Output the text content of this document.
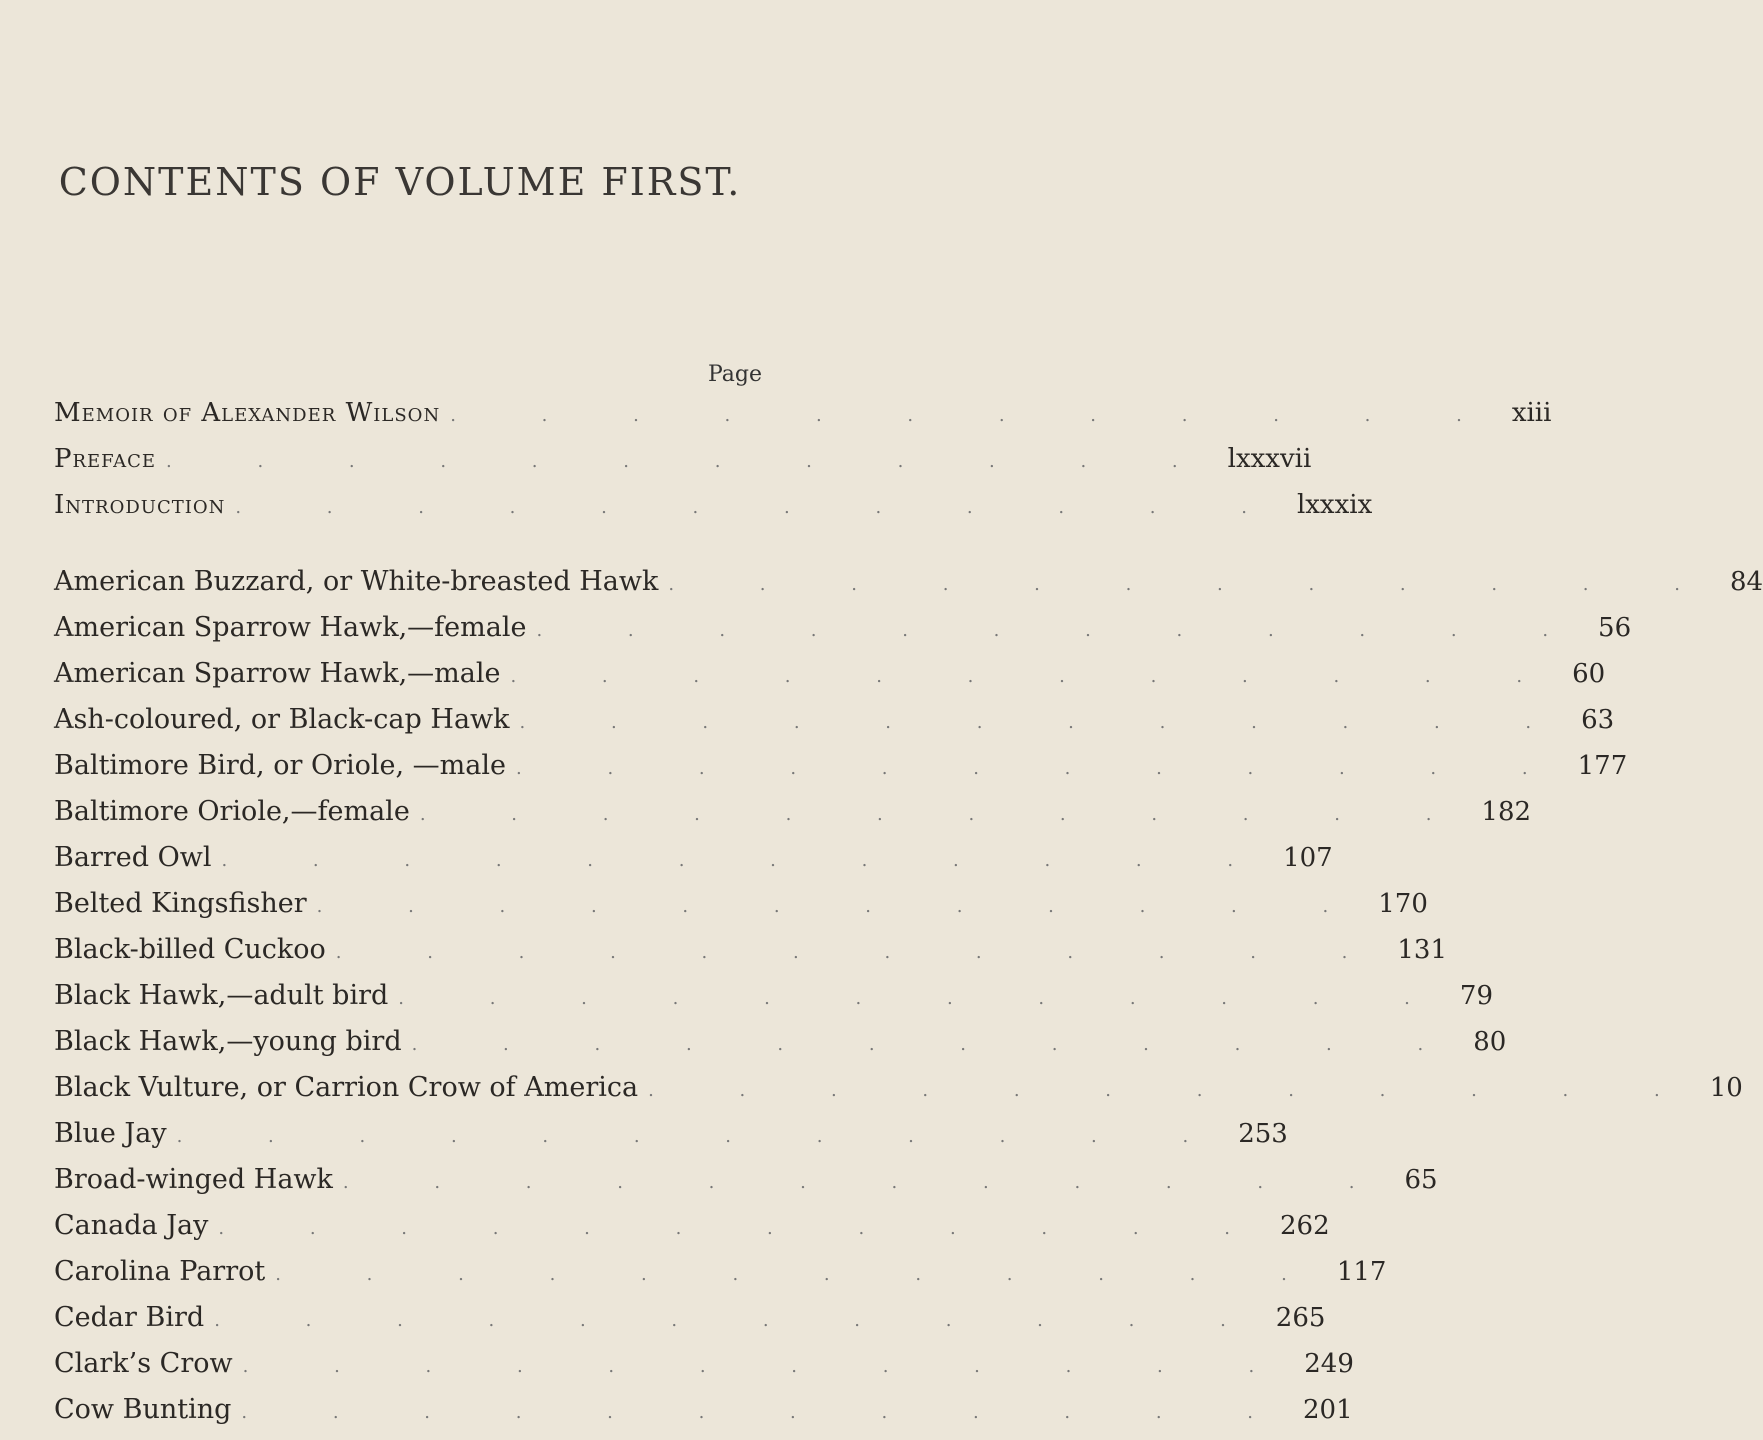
CONTENTS OF VOLUME FIRST.
Page
Memoir of Alexander Wilson . . . . . . . . . . . . xiii
Preface . . . . . . . . . . . . lxxxvii
Introduction . . . . . . . . . . . . lxxxix
American Buzzard, or White-breasted Hawk . . . . . . . . . . . . 84
American Sparrow Hawk,—female . . . . . . . . . . . . 56
American Sparrow Hawk,—male . . . . . . . . . . . . 60
Ash-coloured, or Black-cap Hawk . . . . . . . . . . . . 63
Baltimore Bird, or Oriole, —male . . . . . . . . . . . . 177
Baltimore Oriole,—female . . . . . . . . . . . . 182
Barred Owl . . . . . . . . . . . . 107
Belted Kingsfisher . . . . . . . . . . . . 170
Black-billed Cuckoo . . . . . . . . . . . . 131
Black Hawk,—adult bird . . . . . . . . . . . . 79
Black Hawk,—young bird . . . . . . . . . . . . 80
Black Vulture, or Carrion Crow of America . . . . . . . . . . . . 10
Blue Jay . . . . . . . . . . . . 253
Broad-winged Hawk . . . . . . . . . . . . 65
Canada Jay . . . . . . . . . . . . 262
Carolina Parrot . . . . . . . . . . . . 117
Cedar Bird . . . . . . . . . . . . 265
Clark’s Crow . . . . . . . . . . . . 249
Cow Bunting . . . . . . . . . . . . 201
